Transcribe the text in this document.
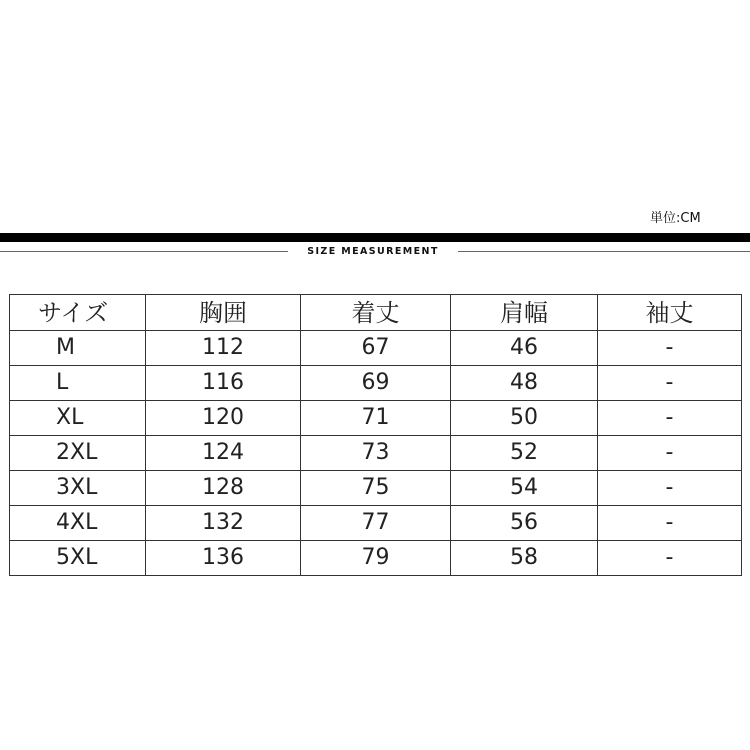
単位:CM
SIZE MEASUREMENT
サイズ	胸囲	着丈	肩幅	袖丈
M	112	67	46	-
L	116	69	48	-
XL	120	71	50	-
2XL	124	73	52	-
3XL	128	75	54	-
4XL	132	77	56	-
5XL	136	79	58	-
